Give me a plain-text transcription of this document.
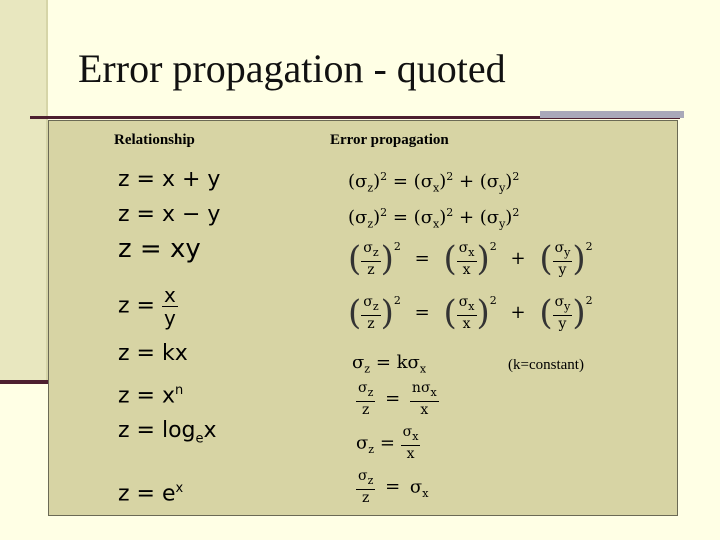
Error propagation - quoted
Relationship	Error propagation
z = x + y
z = x − y
z = xy
$z = \frac{x}{y}$
z = kx
$z = x^n$
$z = \log_ex$
$z = e^x$
$(\sigma_z)^2 = (\sigma_x)^2 + (\sigma_y)^2$
$(\sigma_z)^2 = (\sigma_x)^2 + (\sigma_y)^2$
( $\frac{\sigma_z}{z} )2$ = ( $\frac{\sigma_x}{x} )2$ + ( $\frac{\sigma_y}{y} )2$
( $\frac{\sigma_z}{z} )2$ = ( $\frac{\sigma_x}{x} )2$ + ( $\frac{\sigma_y}{y} )2$
$\sigma_z = k\sigma_x$
$\frac{\sigma_z}{z} = \frac{n\sigma_x}{x}$
$\sigma_z = \frac{\sigma_x}{x}$
$\frac{\sigma_z}{z} = \sigma_x$
(k=constant)
